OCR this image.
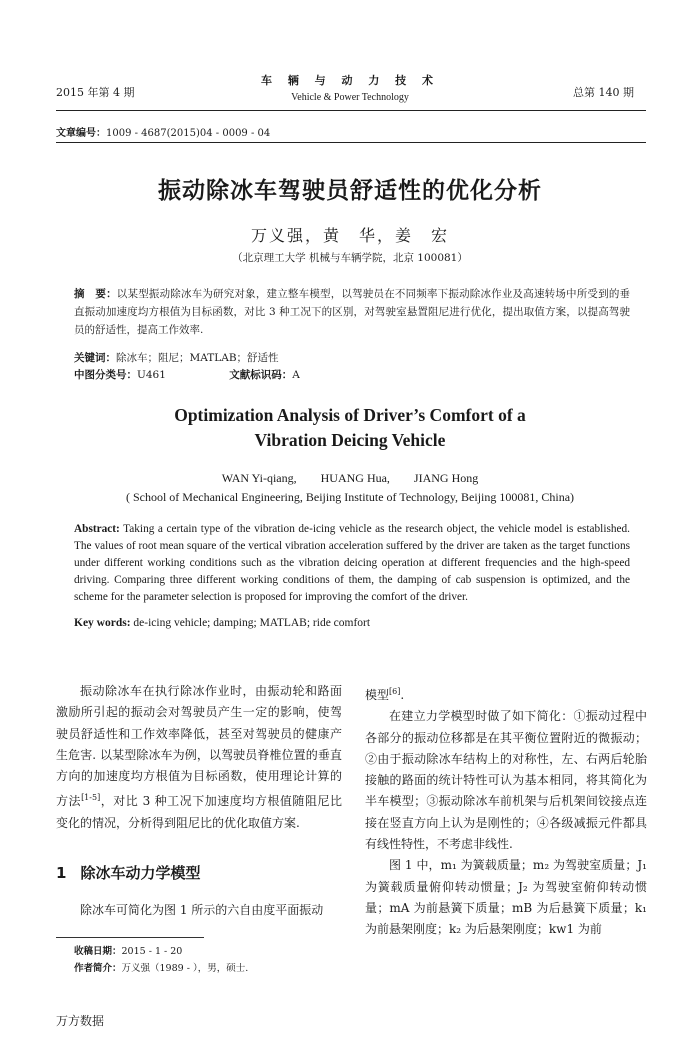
2015 年第 4 期
车 辆 与 动 力 技 术
Vehicle & Power Technology	总第 140 期
文章编号：1009 - 4687(2015)04 - 0009 - 04
振动除冰车驾驶员舒适性的优化分析
万义强，黄　华，姜　宏
（北京理工大学 机械与车辆学院，北京 100081）
摘　要：以某型振动除冰车为研究对象，建立整车模型，以驾驶员在不同频率下振动除冰作业及高速转场中所受到的垂直振动加速度均方根值为目标函数，对比 3 种工况下的区别，对驾驶室悬置阻尼进行优化，提出取值方案，以提高驾驶员的舒适性，提高工作效率.
关键词：除冰车；阻尼；MATLAB；舒适性
中图分类号：U461	文献标识码：A
Optimization Analysis of Driver’s Comfort of a
Vibration Deicing Vehicle
WAN Yi-qiang,　　HUANG Hua,　　JIANG Hong
( School of Mechanical Engineering, Beijing Institute of Technology, Beijing 100081, China)
Abstract: Taking a certain type of the vibration de-icing vehicle as the research object, the vehicle model is established. The values of root mean square of the vertical vibration acceleration suffered by the driver are taken as the target functions under different working conditions such as the vibration deicing operation at different frequencies and the high-speed driving. Comparing three different working conditions of them, the damping of cab suspension is optimized, and the scheme for the parameter selection is proposed for improving the comfort of the driver.
Key words: de-icing vehicle; damping; MATLAB; ride comfort

振动除冰车在执行除冰作业时，由振动轮和路面激励所引起的振动会对驾驶员产生一定的影响，使驾驶员舒适性和工作效率降低，甚至对驾驶员的健康产生危害. 以某型除冰车为例，以驾驶员脊椎位置的垂直方向的加速度均方根值为目标函数，使用理论计算的方法[1-5]，对比 3 种工况下加速度均方根值随阻尼比变化的情况，分析得到阻尼比的优化取值方案.

1 除冰车动力学模型

除冰车可简化为图 1 所示的六自由度平面振动

模型[6].

在建立力学模型时做了如下简化：①振动过程中各部分的振动位移都是在其平衡位置附近的微振动；②由于振动除冰车结构上的对称性，左、右两后轮胎接触的路面的统计特性可认为基本相同，将其简化为半车模型；③振动除冰车前机架与后机架间铰接点连接在竖直方向上认为是刚性的；④各级减振元件都具有线性特性，不考虑非线性.

图 1 中，m₁ 为簧载质量；m₂ 为驾驶室质量；J₁ 为簧载质量俯仰转动惯量；J₂ 为驾驶室俯仰转动惯量；mA 为前悬簧下质量；mB 为后悬簧下质量；k₁ 为前悬架刚度；k₂ 为后悬架刚度；kw1 为前

收稿日期：2015 - 1 - 20
作者简介：万义强（1989 - ），男，硕士.
万方数据
